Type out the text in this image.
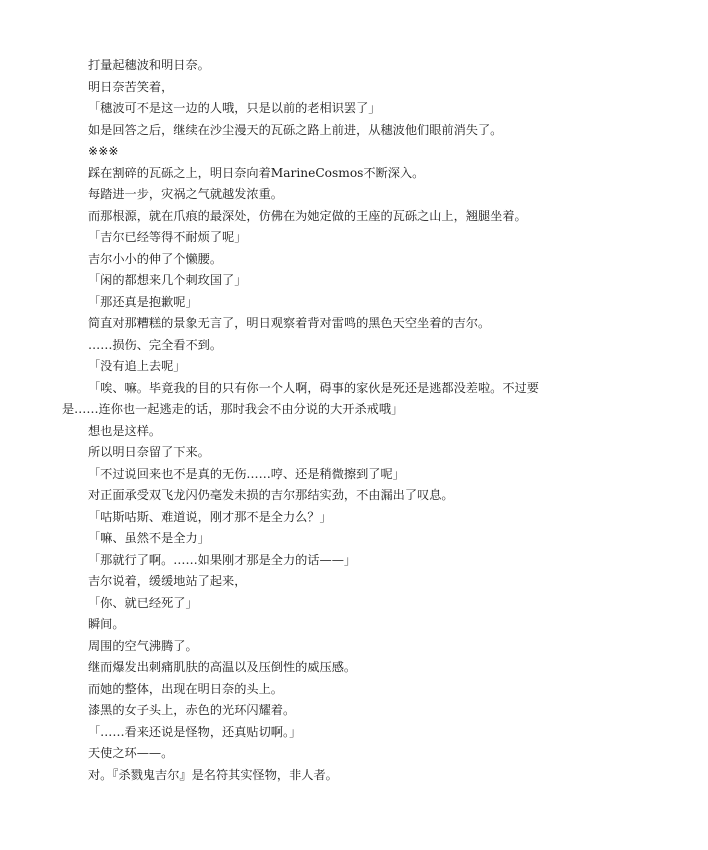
打量起穗波和明日奈。

明日奈苦笑着，

「穗波可不是这一边的人哦，只是以前的老相识罢了」

如是回答之后，继续在沙尘漫天的瓦砾之路上前进，从穗波他们眼前消失了。

※※※

踩在割碎的瓦砾之上，明日奈向着MarineCosmos不断深入。

每踏进一步，灾祸之气就越发浓重。

而那根源，就在爪痕的最深处，仿佛在为她定做的王座的瓦砾之山上，翘腿坐着。

「吉尔已经等得不耐烦了呢」

吉尔小小的伸了个懒腰。

「闲的都想来几个刺玫国了」

「那还真是抱歉呢」

简直对那糟糕的景象无言了，明日观察着背对雷鸣的黑色天空坐着的吉尔。

……损伤、完全看不到。

「没有追上去呢」

「唉、嘛。毕竟我的目的只有你一个人啊，碍事的家伙是死还是逃都没差啦。不过要是……连你也一起逃走的话，那时我会不由分说的大开杀戒哦」

想也是这样。

所以明日奈留了下来。

「不过说回来也不是真的无伤……哼、还是稍微擦到了呢」

对正面承受双飞龙闪仍毫发未损的吉尔那结实劲，不由漏出了叹息。

「咕斯咕斯、难道说，刚才那不是全力么？」

「嘛、虽然不是全力」

「那就行了啊。……如果刚才那是全力的话——」

吉尔说着，缓缓地站了起来，

「你、就已经死了」

瞬间。

周围的空气沸腾了。

继而爆发出刺痛肌肤的高温以及压倒性的威压感。

而她的整体，出现在明日奈的头上。

漆黑的女子头上，赤色的光环闪耀着。

「……看来还说是怪物，还真贴切啊。」

天使之环——。

对。『杀戮鬼吉尔』是名符其实怪物，非人者。
